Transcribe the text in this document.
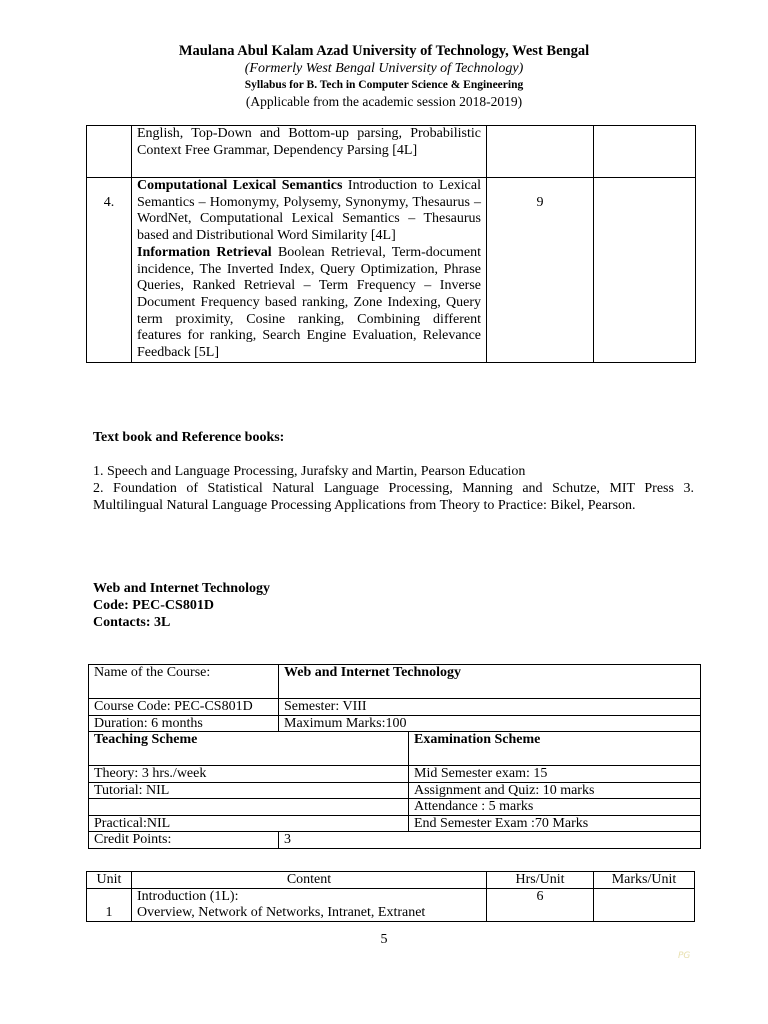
Maulana Abul Kalam Azad University of Technology, West Bengal
(Formerly West Bengal University of Technology)
Syllabus for B. Tech in Computer Science & Engineering
(Applicable from the academic session 2018-2019)
	English, Top-Down and Bottom-up parsing, Probabilistic Context Free Grammar, Dependency Parsing [4L]		
4.	Computational Lexical Semantics Introduction to Lexical Semantics – Homonymy, Polysemy, Synonymy, Thesaurus – WordNet, Computational Lexical Semantics – Thesaurus based and Distributional Word Similarity [4L]
Information Retrieval Boolean Retrieval, Term-document incidence, The Inverted Index, Query Optimization, Phrase Queries, Ranked Retrieval – Term Frequency – Inverse Document Frequency based ranking, Zone Indexing, Query term proximity, Cosine ranking, Combining different features for ranking, Search Engine Evaluation, Relevance Feedback [5L]	9	
Text book and Reference books:
1. Speech and Language Processing, Jurafsky and Martin, Pearson Education
2. Foundation of Statistical Natural Language Processing, Manning and Schutze, MIT Press 3. Multilingual Natural Language Processing Applications from Theory to Practice: Bikel, Pearson.
Web and Internet Technology
Code: PEC-CS801D
Contacts: 3L
Name of the Course:	Web and Internet Technology	
Course Code: PEC-CS801D	Semester: VIII	
Duration: 6 months	Maximum Marks:100	
Teaching Scheme		Examination Scheme
Theory: 3 hrs./week		Mid Semester exam: 15
Tutorial: NIL		Assignment and Quiz: 10 marks
		Attendance : 5 marks
Practical:NIL		End Semester Exam :70 Marks
Credit Points:	3	
Unit	Content	Hrs/Unit	Marks/Unit
1	Introduction (1L):
Overview, Network of Networks, Intranet, Extranet	6	
5
PG
